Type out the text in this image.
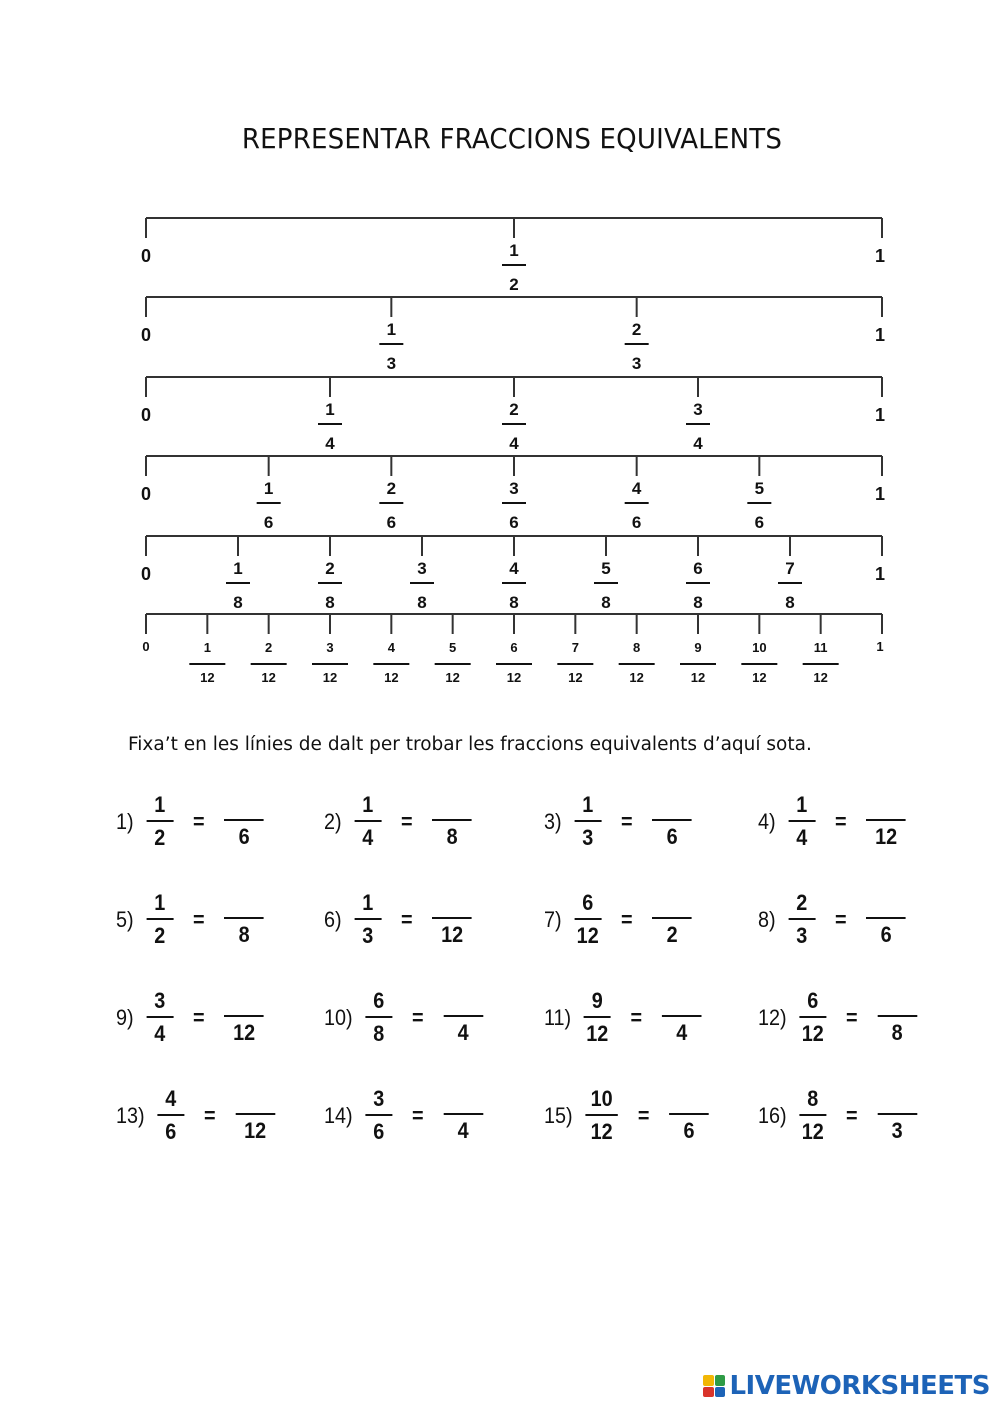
REPRESENTAR FRACCIONS EQUIVALENTS
0	1
1
2
0	1
1
3
2
3
0	1
1
4
2
4
3
4
0	1
1
6
2
6
3
6
4
6
5
6
0	1
1
8
2
8
3
8
4
8
5
8
6
8
7
8
0	1
1
12
2
12
3
12
4
12
5
12
6
12
7
12
8
12
9
12
10
12
11
12
Fixa’t en les línies de dalt per trobar les fraccions equivalents d’aquí sota.
$1) \frac{1}{2}$ =
6
$2) \frac{1}{4}$ =
8
$3) \frac{1}{3}$ =
6
$4) \frac{1}{4}$ =
12
$5) \frac{1}{2}$ =
8
$6) \frac{1}{3}$ =
12
$7) \frac{6}{12}$ =
2
$8) \frac{2}{3}$ =
6
$9) \frac{3}{4}$ =
12
$10) \frac{6}{8}$ =
4
$11) \frac{9}{12}$ =
4
$12) \frac{6}{12}$ =
8
$13) \frac{4}{6}$ =
12
$14) \frac{3}{6}$ =
4
$15) \frac{10}{12}$ =
6
$16) \frac{8}{12}$ =
3
LIVEWORKSHEETS
